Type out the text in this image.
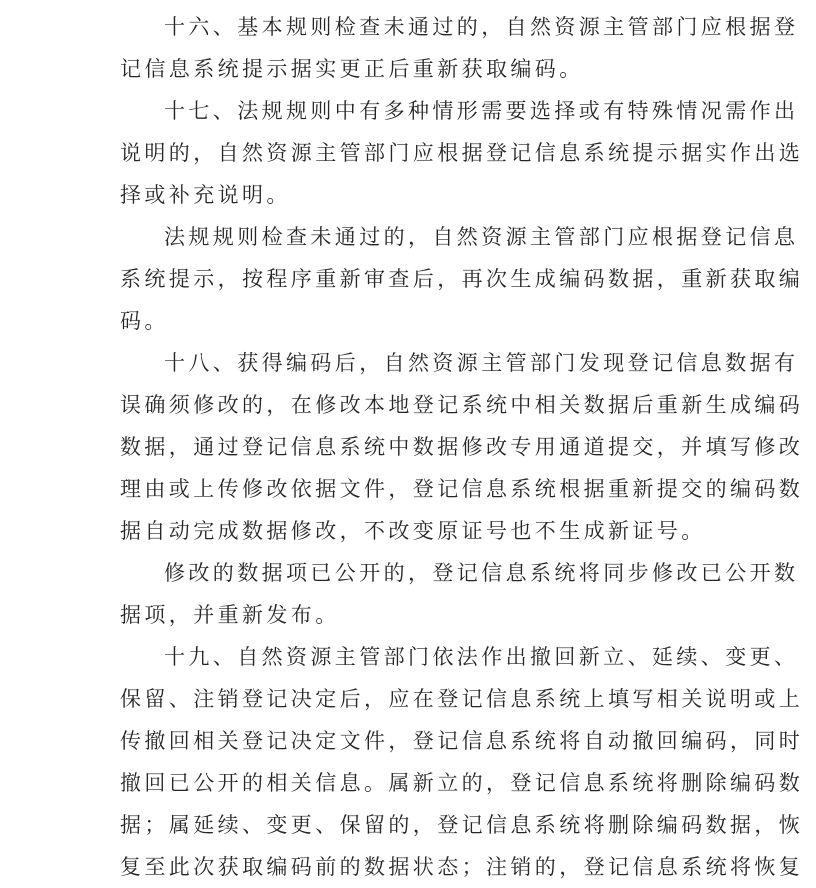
十六、基本规则检查未通过的，自然资源主管部门应根据登
记信息系统提示据实更正后重新获取编码。
十七、法规规则中有多种情形需要选择或有特殊情况需作出
说明的，自然资源主管部门应根据登记信息系统提示据实作出选
择或补充说明。
法规规则检查未通过的，自然资源主管部门应根据登记信息
系统提示，按程序重新审查后，再次生成编码数据，重新获取编
码。
十八、获得编码后，自然资源主管部门发现登记信息数据有
误确须修改的，在修改本地登记系统中相关数据后重新生成编码
数据，通过登记信息系统中数据修改专用通道提交，并填写修改
理由或上传修改依据文件，登记信息系统根据重新提交的编码数
据自动完成数据修改，不改变原证号也不生成新证号。
修改的数据项已公开的，登记信息系统将同步修改已公开数
据项，并重新发布。
十九、自然资源主管部门依法作出撤回新立、延续、变更、
保留、注销登记决定后，应在登记信息系统上填写相关说明或上
传撤回相关登记决定文件，登记信息系统将自动撤回编码，同时
撤回已公开的相关信息。属新立的，登记信息系统将删除编码数
据；属延续、变更、保留的，登记信息系统将删除编码数据，恢
复至此次获取编码前的数据状态；注销的，登记信息系统将恢复
